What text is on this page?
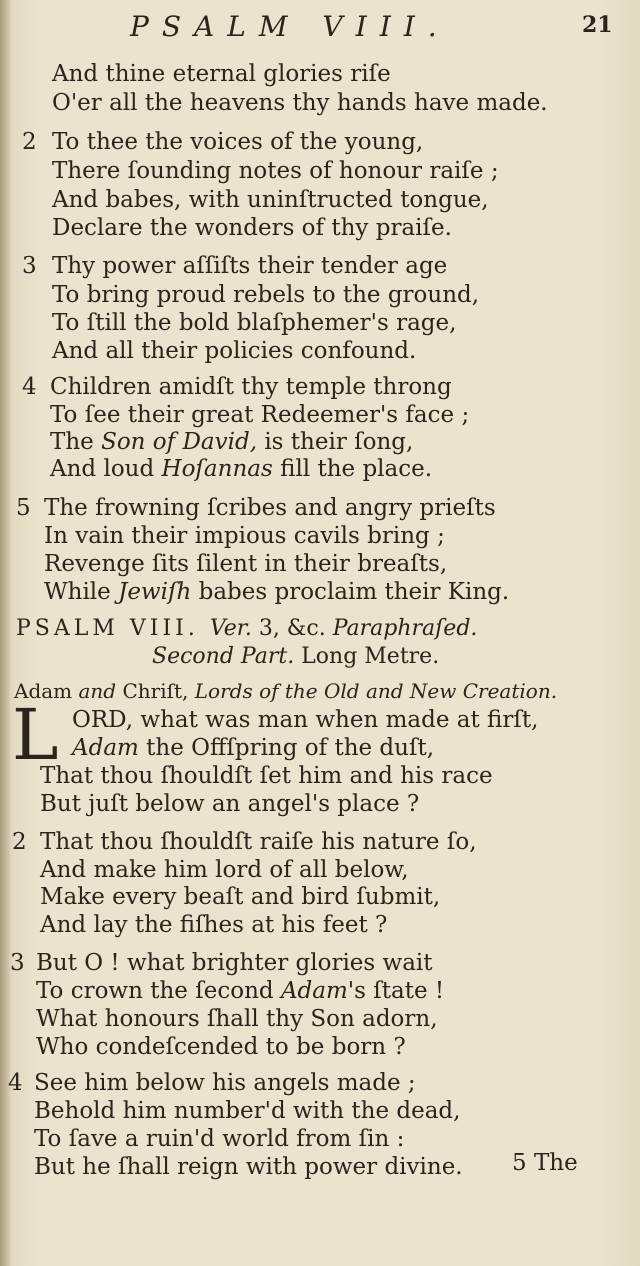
PSALM VIII.	21
And thine eternal glories riſe
O'er all the heavens thy hands have made.
2 To thee the voices of the young,
There ſounding notes of honour raiſe ;
And babes, with uninſtructed tongue,
Declare the wonders of thy praiſe.
3 Thy power aſſiſts their tender age
To bring proud rebels to the ground,
To ſtill the bold blaſphemer's rage,
And all their policies confound.
4 Children amidſt thy temple throng
To ſee their great Redeemer's face ;
The Son of David, is their ſong,
And loud Hoſannas fill the place.
5 The frowning ſcribes and angry prieſts
In vain their impious cavils bring ;
Revenge ſits ſilent in their breaſts,
While Jewiſh babes proclaim their King.
PSALM VIII. Ver. 3, &c. Paraphraſed.
Second Part. Long Metre.
Adam and Chriſt, Lords of the Old and New Creation.
L ORD, what was man when made at firſt,
Adam the Offſpring of the duſt,
That thou ſhouldſt ſet him and his race
But juſt below an angel's place ?
2 That thou ſhouldſt raiſe his nature ſo,
And make him lord of all below,
Make every beaſt and bird ſubmit,
And lay the fiſhes at his feet ?
3 But O ! what brighter glories wait
To crown the ſecond Adam's ſtate !
What honours ſhall thy Son adorn,
Who condeſcended to be born ?
4 See him below his angels made ;
Behold him number'd with the dead,
To ſave a ruin'd world from ſin :
But he ſhall reign with power divine. 5 The
